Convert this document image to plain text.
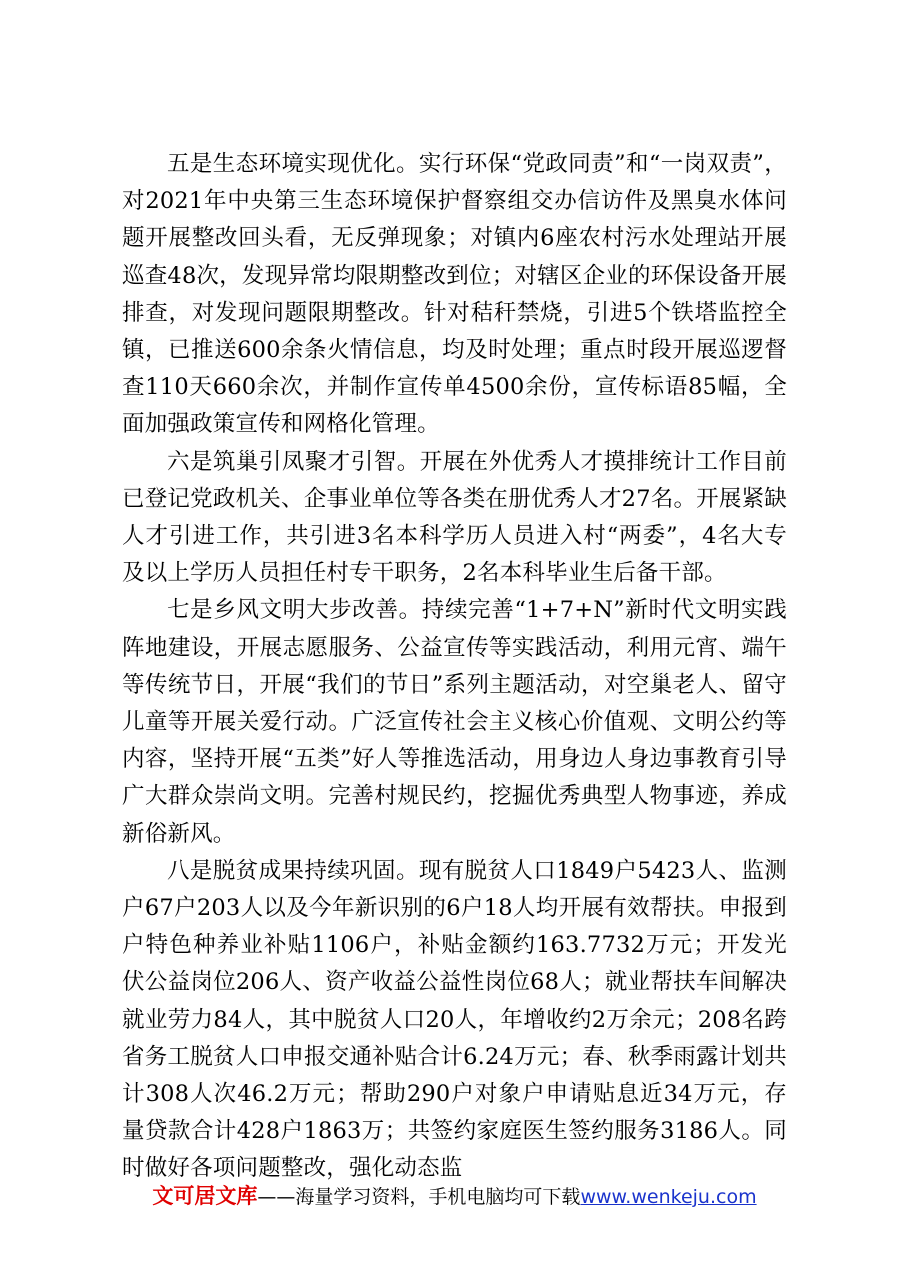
五是生态环境实现优化。实行环保“党政同责”和“一岗双责”，对2021年中央第三生态环境保护督察组交办信访件及黑臭水体问题开展整改回头看，无反弹现象；对镇内6座农村污水处理站开展巡查48次，发现异常均限期整改到位；对辖区企业的环保设备开展排查，对发现问题限期整改。针对秸秆禁烧，引进5个铁塔监控全镇，已推送600余条火情信息，均及时处理；重点时段开展巡逻督查110天660余次，并制作宣传单4500余份，宣传标语85幅，全面加强政策宣传和网格化管理。

六是筑巢引凤聚才引智。开展在外优秀人才摸排统计工作目前已登记党政机关、企事业单位等各类在册优秀人才27名。开展紧缺人才引进工作，共引进3名本科学历人员进入村“两委”，4名大专及以上学历人员担任村专干职务，2名本科毕业生后备干部。

七是乡风文明大步改善。持续完善“1+7+N”新时代文明实践阵地建设，开展志愿服务、公益宣传等实践活动，利用元宵、端午等传统节日，开展“我们的节日”系列主题活动，对空巢老人、留守儿童等开展关爱行动。广泛宣传社会主义核心价值观、文明公约等内容，坚持开展“五类”好人等推选活动，用身边人身边事教育引导广大群众崇尚文明。完善村规民约，挖掘优秀典型人物事迹，养成新俗新风。

八是脱贫成果持续巩固。现有脱贫人口1849户5423人、监测户67户203人以及今年新识别的6户18人均开展有效帮扶。申报到户特色种养业补贴1106户，补贴金额约163.7732万元；开发光伏公益岗位206人、资产收益公益性岗位68人；就业帮扶车间解决就业劳力84人，其中脱贫人口20人，年增收约2万余元；208名跨省务工脱贫人口申报交通补贴合计6.24万元；春、秋季雨露计划共计308人次46.2万元；帮助290户对象户申请贴息近34万元，存量贷款合计428户1863万；共签约家庭医生签约服务3186人。同时做好各项问题整改，强化动态监

文可居文库——海量学习资料，手机电脑均可下载www.wenkeju.com
